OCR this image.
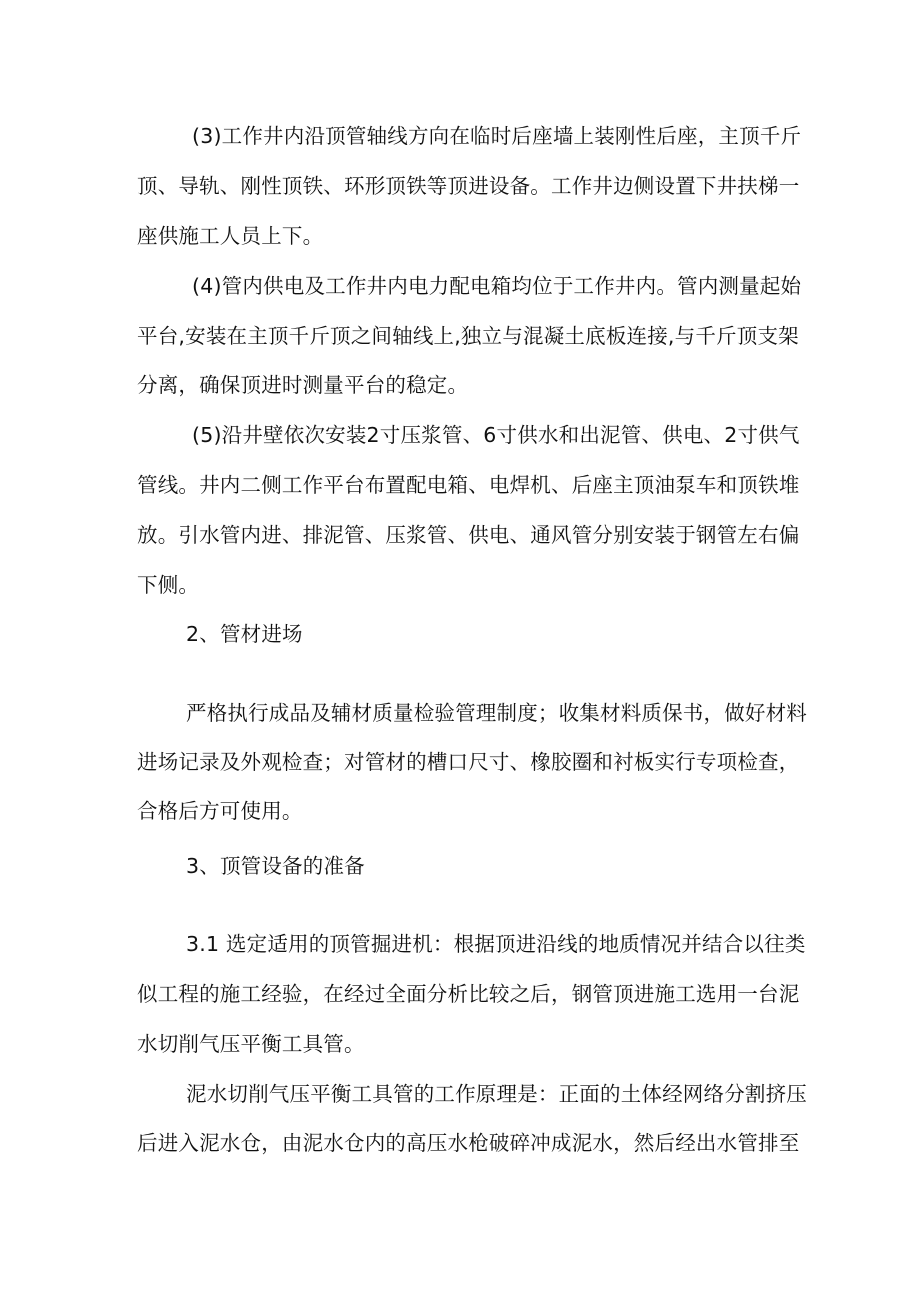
(3)工作井内沿顶管轴线方向在临时后座墙上装刚性后座，主顶千斤
顶、导轨、刚性顶铁、环形顶铁等顶进设备。工作井边侧设置下井扶梯一
座供施工人员上下。
(4)管内供电及工作井内电力配电箱均位于工作井内。管内测量起始
平台,安装在主顶千斤顶之间轴线上,独立与混凝土底板连接,与千斤顶支架
分离，确保顶进时测量平台的稳定。
(5)沿井壁依次安装2寸压浆管、6寸供水和出泥管、供电、2寸供气
管线。井内二侧工作平台布置配电箱、电焊机、后座主顶油泵车和顶铁堆
放。引水管内进、排泥管、压浆管、供电、通风管分别安装于钢管左右偏
下侧。
2、管材进场
严格执行成品及辅材质量检验管理制度；收集材料质保书，做好材料
进场记录及外观检查；对管材的槽口尺寸、橡胶圈和衬板实行专项检查，
合格后方可使用。
3、顶管设备的准备
3.1 选定适用的顶管掘进机：根据顶进沿线的地质情况并结合以往类
似工程的施工经验，在经过全面分析比较之后，钢管顶进施工选用一台泥
水切削气压平衡工具管。
泥水切削气压平衡工具管的工作原理是：正面的土体经网络分割挤压
后进入泥水仓，由泥水仓内的高压水枪破碎冲成泥水，然后经出水管排至
